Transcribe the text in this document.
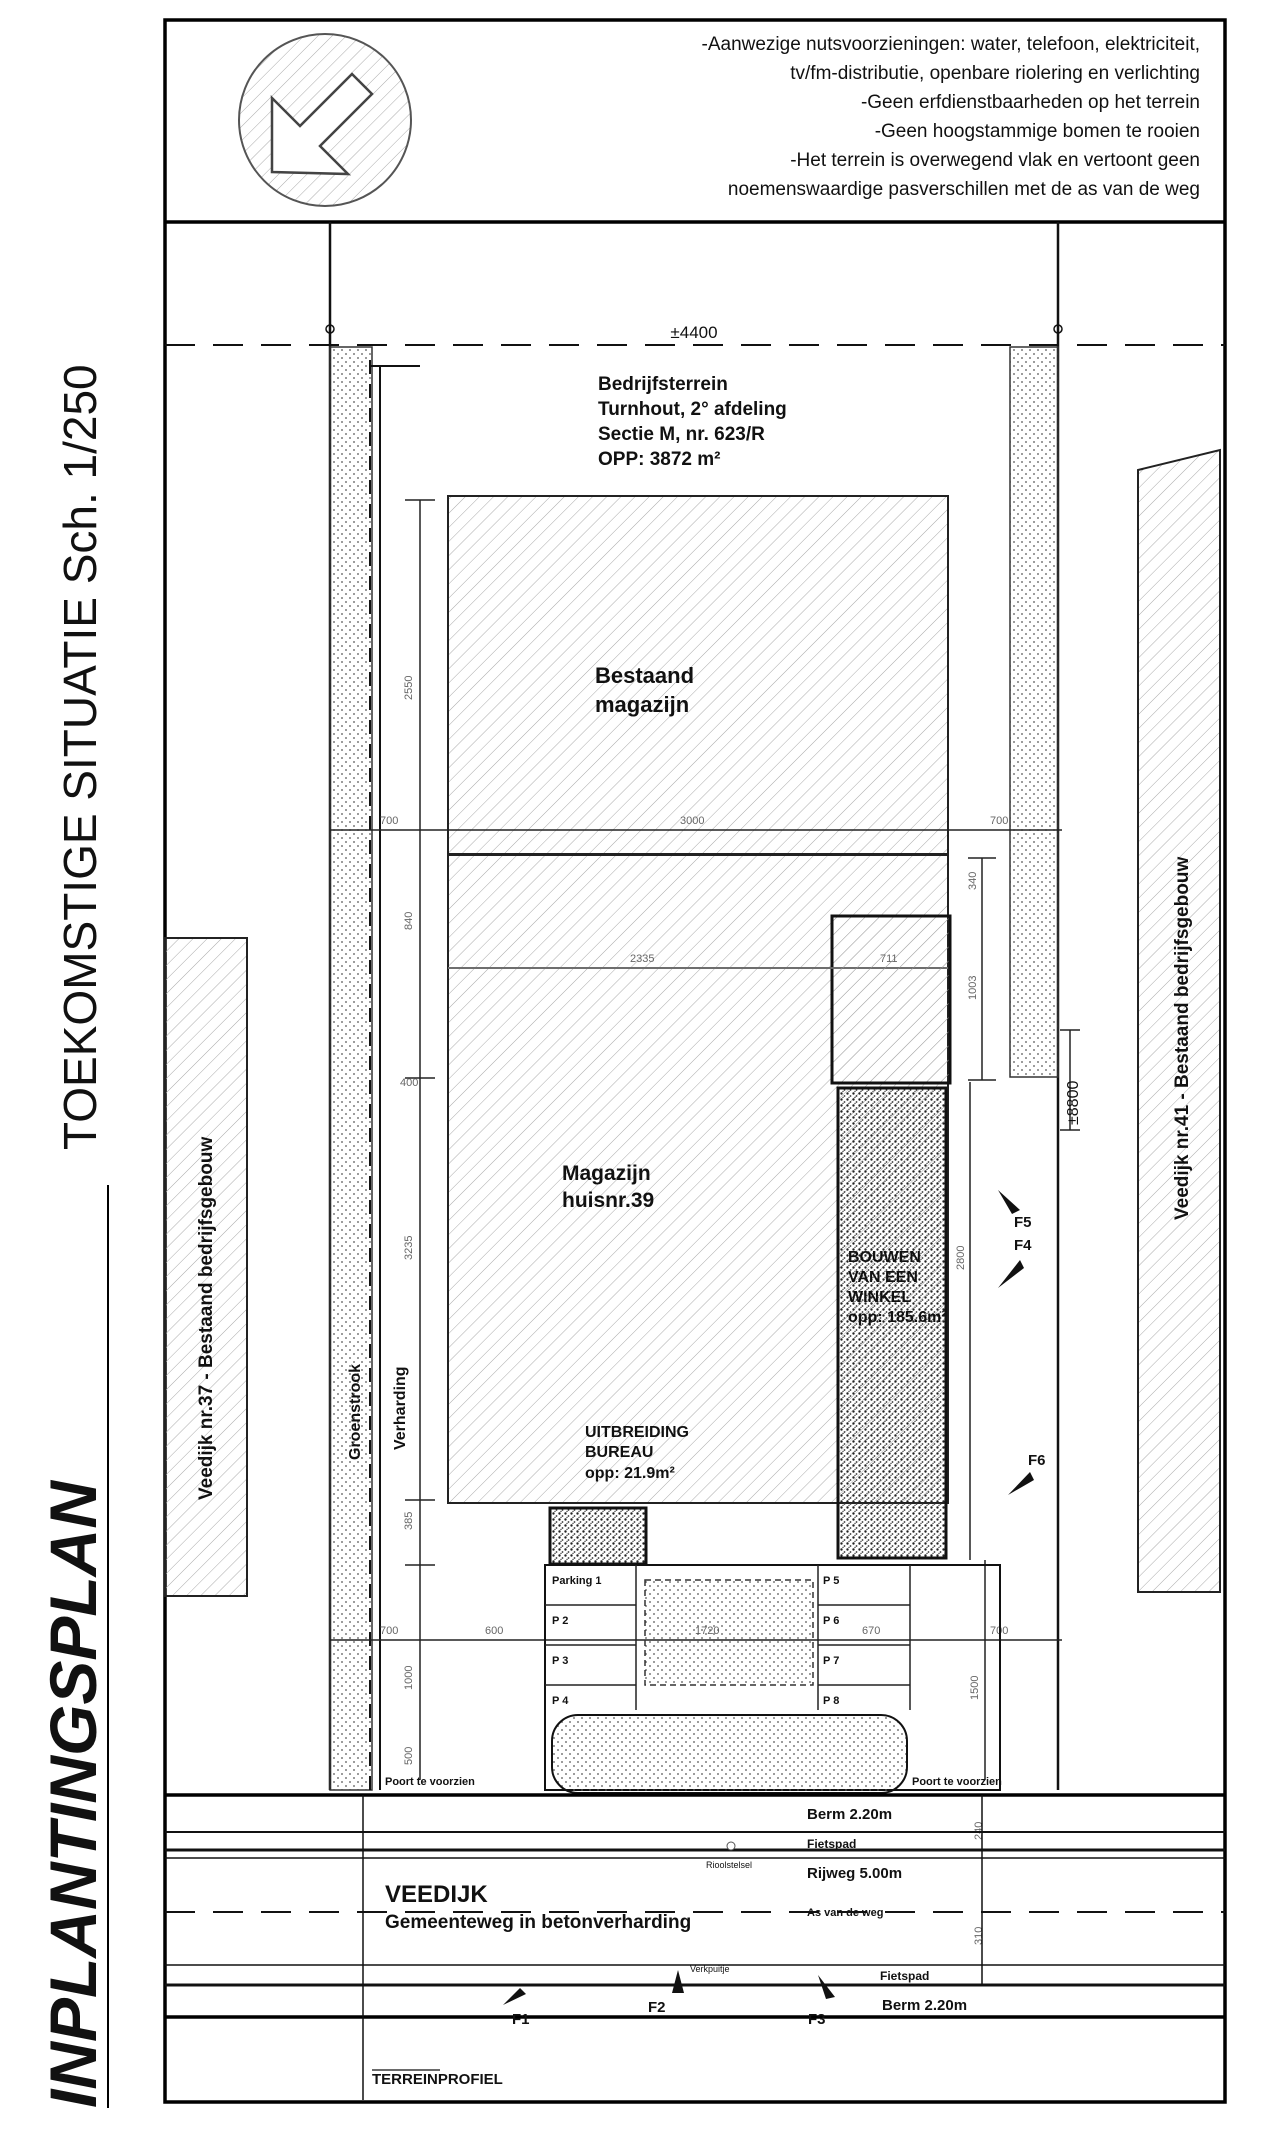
INPLANTINGSPLAN
TOEKOMSTIGE SITUATIE Sch. 1/250
-Aanwezige nutsvoorzieningen: water, telefoon, elektriciteit,
tv/fm-distributie, openbare riolering en verlichting
-Geen erfdienstbaarheden op het terrein
-Geen hoogstammige bomen te rooien
-Het terrein is overwegend vlak en vertoont geen
noemenswaardige pasverschillen met de as van de weg
±4400
Veedijk nr.37 - Bestaand bedrijfsgebouw
Veedijk nr.41 - Bestaand bedrijfsgebouw
Bedrijfsterrein
Turnhout, 2° afdeling
Sectie M, nr. 623/R
OPP: 3872 m²
Bestaand
magazijn
Magazijn
huisnr.39
BOUWEN
VAN EEN
WINKEL
opp: 185.6m²
UITBREIDING
BUREAU
opp: 21.9m²
Groenstrook Verharding
±8800
700	3000	700
2550
840
2335	711
400
340
1003
3235	2800
385
700	600	670	700
1000
500
1500
240
310
Parking 1
P 2
P 3
P 4
P 5
P 6
P 7
P 8
Poort te voorzien	Poort te voorzien
Berm 2.20m
Fietspad
Rioolstelsel	Rijweg 5.00m
VEEDIJK
Gemeenteweg in betonverharding	As van de weg
Fietspad
Verkpuitje
Berm 2.20m
F1
F2
F3
F4
F5
F6
TERREINPROFIEL
